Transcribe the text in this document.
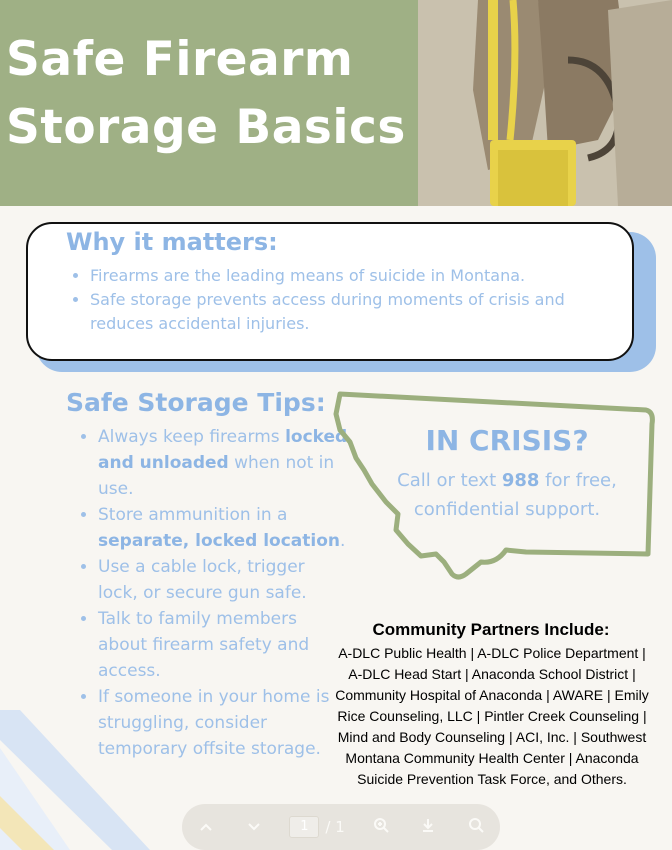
Safe Firearm
Storage Basics
Why it matters:
• Firearms are the leading means of suicide in Montana.
• Safe storage prevents access during moments of crisis and reduces accidental injuries.
Safe Storage Tips:
• Always keep firearms locked and unloaded when not in use.
• Store ammunition in a separate, locked location.
• Use a cable lock, trigger lock, or secure gun safe.
• Talk to family members about firearm safety and access.
• If someone in your home is struggling, consider temporary offsite storage.
IN CRISIS?

Call or text 988 for free, confidential support.

Community Partners Include:

A-DLC Public Health | A-DLC Police Department | A-DLC Head Start | Anaconda School District | Community Hospital of Anaconda | AWARE | Emily Rice Counseling, LLC | Pintler Creek Counseling | Mind and Body Counseling | ACI, Inc. | Southwest Montana Community Health Center | Anaconda Suicide Prevention Task Force, and Others.

1	/ 1
